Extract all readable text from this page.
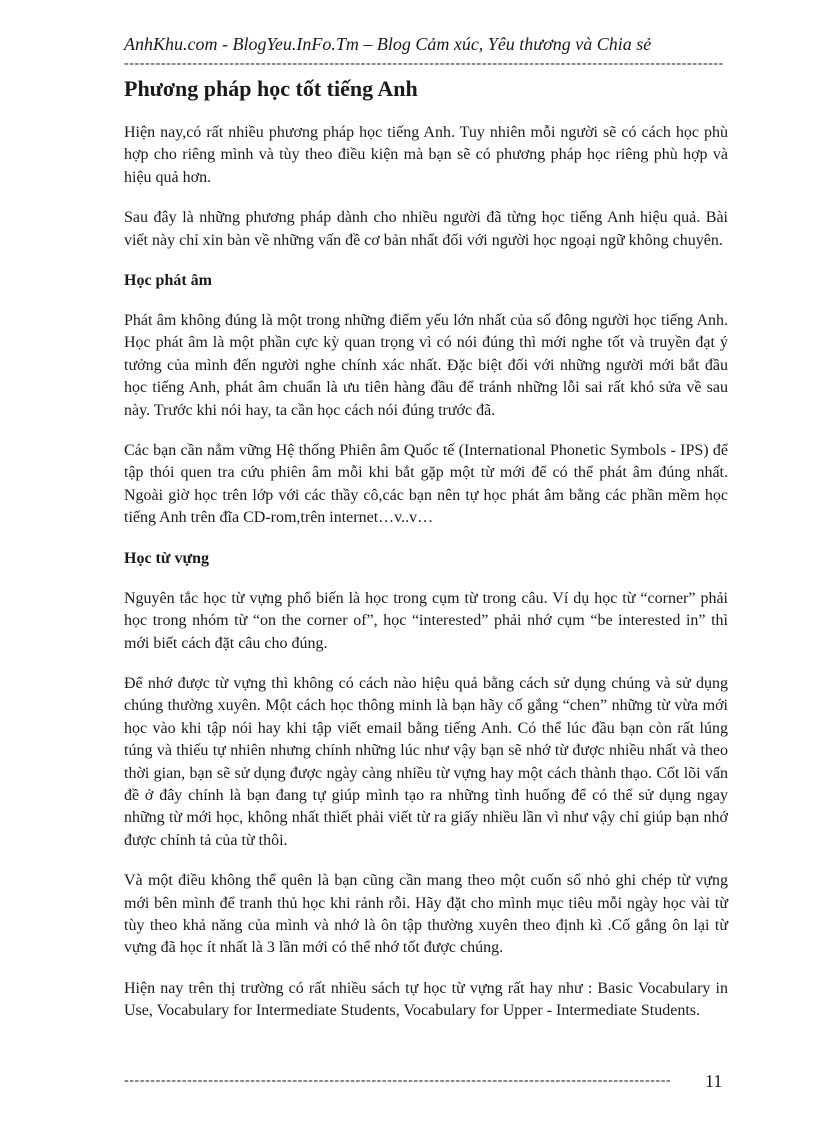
AnhKhu.com - BlogYeu.InFo.Tm – Blog Cảm xúc, Yêu thương và Chia sẻ
------------------------------------------------------------------------------------------------------------------
Phương pháp học tốt tiếng Anh

Hiện nay,có rất nhiều phương pháp học tiếng Anh. Tuy nhiên mỗi người sẽ có cách học phù hợp cho riêng mình và tùy theo điều kiện mà bạn sẽ có phương pháp học riêng phù hợp và hiệu quả hơn.

Sau đây là những phương pháp dành cho nhiều người đã từng học tiếng Anh hiệu quả. Bài viết này chỉ xin bàn về những vấn đề cơ bản nhất đối với người học ngoại ngữ không chuyên.

Học phát âm

Phát âm không đúng là một trong những điểm yếu lớn nhất của số đông người học tiếng Anh. Học phát âm là một phần cực kỳ quan trọng vì có nói đúng thì mới nghe tốt và truyền đạt ý tưởng của mình đến người nghe chính xác nhất. Đặc biệt đối với những người mới bắt đầu học tiếng Anh, phát âm chuẩn là ưu tiên hàng đầu để tránh những lỗi sai rất khó sửa về sau này. Trước khi nói hay, ta cần học cách nói đúng trước đã.

Các bạn cần nắm vững Hệ thống Phiên âm Quốc tế (International Phonetic Symbols - IPS) để tập thói quen tra cứu phiên âm mỗi khi bắt gặp một từ mới để có thể phát âm đúng nhất. Ngoài giờ học trên lớp với các thầy cô,các bạn nên tự học phát âm bằng các phần mềm học tiếng Anh trên đĩa CD-rom,trên internet…v..v…

Học từ vựng

Nguyên tắc học từ vựng phổ biến là học trong cụm từ trong câu. Ví dụ học từ “corner” phải học trong nhóm từ “on the corner of”, học “interested” phải nhớ cụm “be interested in” thì mới biết cách đặt câu cho đúng.

Để nhớ được từ vựng thì không có cách nào hiệu quả bằng cách sử dụng chúng và sử dụng chúng thường xuyên. Một cách học thông minh là bạn hãy cố gắng “chen” những từ vừa mới học vào khi tập nói hay khi tập viết email bằng tiếng Anh. Có thể lúc đầu bạn còn rất lúng túng và thiếu tự nhiên nhưng chính những lúc như vậy bạn sẽ nhớ từ được nhiều nhất và theo thời gian, bạn sẽ sử dụng được ngày càng nhiều từ vựng hay một cách thành thạo. Cốt lõi vấn đề ở đây chính là bạn đang tự giúp mình tạo ra những tình huống để có thể sử dụng ngay những từ mới học, không nhất thiết phải viết từ ra giấy nhiều lần vì như vậy chỉ giúp bạn nhớ được chính tả của từ thôi.

Và một điều không thể quên là bạn cũng cần mang theo một cuốn sổ nhỏ ghi chép từ vựng mới bên mình để tranh thủ học khi rảnh rỗi. Hãy đặt cho mình mục tiêu mỗi ngày học vài từ tùy theo khả năng của mình và nhớ là ôn tập thường xuyên theo định kì .Cố gắng ôn lại từ vựng đã học ít nhất là 3 lần mới có thể nhớ tốt được chúng.

Hiện nay trên thị trường có rất nhiều sách tự học từ vựng rất hay như : Basic Vocabulary in Use, Vocabulary for Intermediate Students, Vocabulary for Upper - Intermediate Students.

--------------------------------------------------------------------------------------------------------	11
